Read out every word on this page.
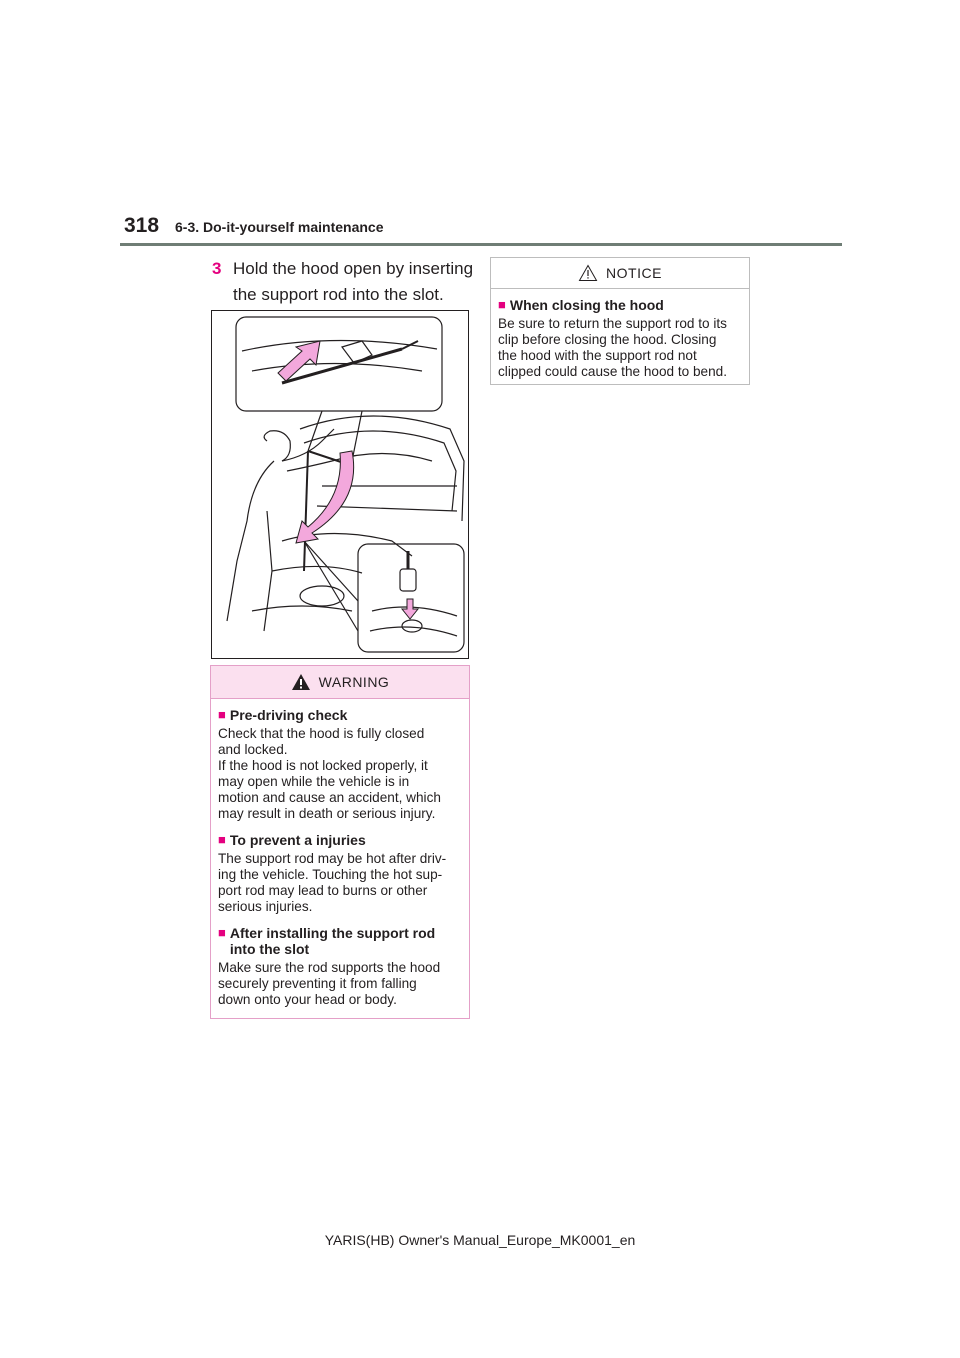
318 6-3. Do-it-yourself maintenance
3 Hold the hood open by inserting the support rod into the slot.
WARNING
■ Pre-driving check
Check that the hood is fully closed
and locked.
If the hood is not locked properly, it
may open while the vehicle is in
motion and cause an accident, which
may result in death or serious injury.
■ To prevent a injuries
The support rod may be hot after driv-
ing the vehicle. Touching the hot sup-
port rod may lead to burns or other
serious injuries.
■ After installing the support rod into the slot
Make sure the rod supports the hood
securely preventing it from falling
down onto your head or body.
NOTICE
■ When closing the hood
Be sure to return the support rod to its
clip before closing the hood. Closing
the hood with the support rod not
clipped could cause the hood to bend.
YARIS(HB) Owner's Manual_Europe_MK0001_en
